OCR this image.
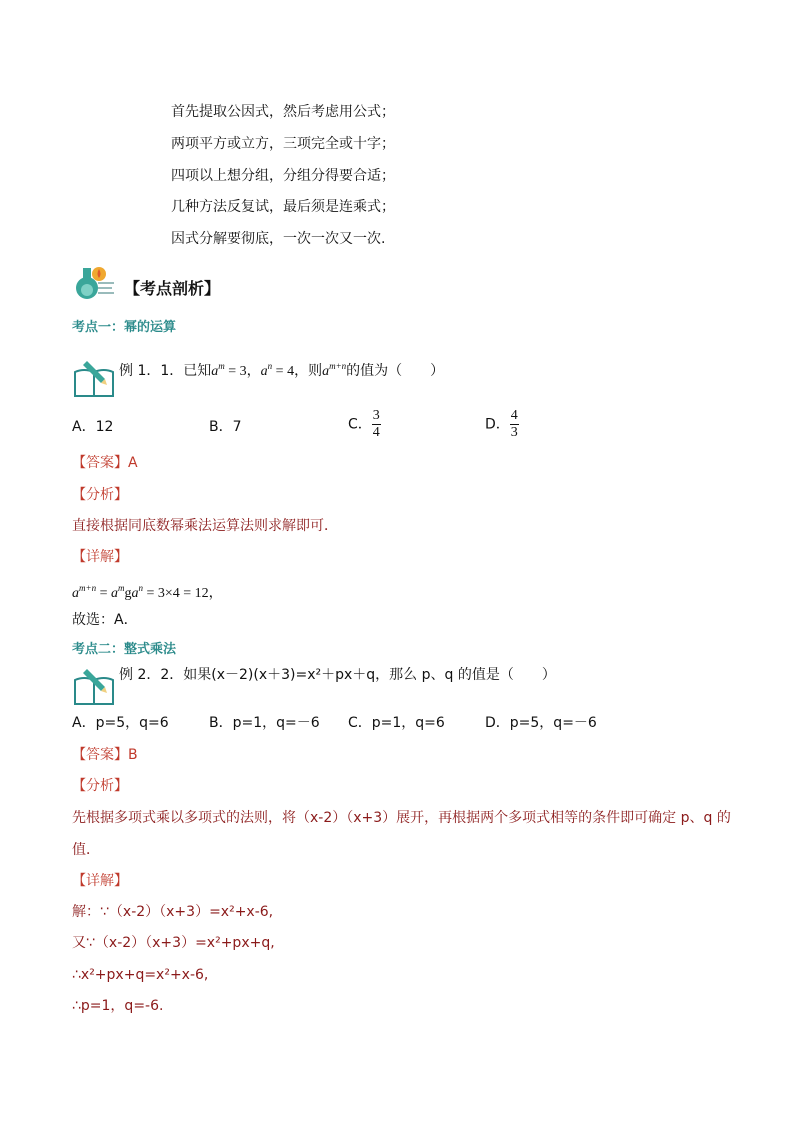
首先提取公因式，然后考虑用公式；
两项平方或立方，三项完全或十字；
四项以上想分组，分组分得要合适；
几种方法反复试，最后须是连乘式；
因式分解要彻底，一次一次又一次.
【考点剖析】
考点一：幂的运算
例 1．1．已知$a^m = 3$，$a^n = 4$，则$a^{m+n}$的值为（　　）
A．12	B．7	C． $\frac{3}{4}$	D． $\frac{4}{3}$
【答案】A
【分析】
直接根据同底数幂乘法运算法则求解即可．
【详解】
$a^{m+n} = a^mga^n = 3\times 4 = 12$，
故选：A．
考点二：整式乘法
例 2．2．如果(x－2)(x＋3)=x²＋px＋q，那么 p、q 的值是（　　）
A．p=5，q=6	B．p=1，q=－6 C．p=1，q=6	D．p=5，q=－6
【答案】B
【分析】
先根据多项式乘以多项式的法则，将（x-2）（x+3）展开，再根据两个多项式相等的条件即可确定 p、q 的
值．
【详解】
解：∵（x-2）（x+3）=x²+x-6,
又∵（x-2）（x+3）=x²+px+q,
∴x²+px+q=x²+x-6,
∴p=1，q=-6.
